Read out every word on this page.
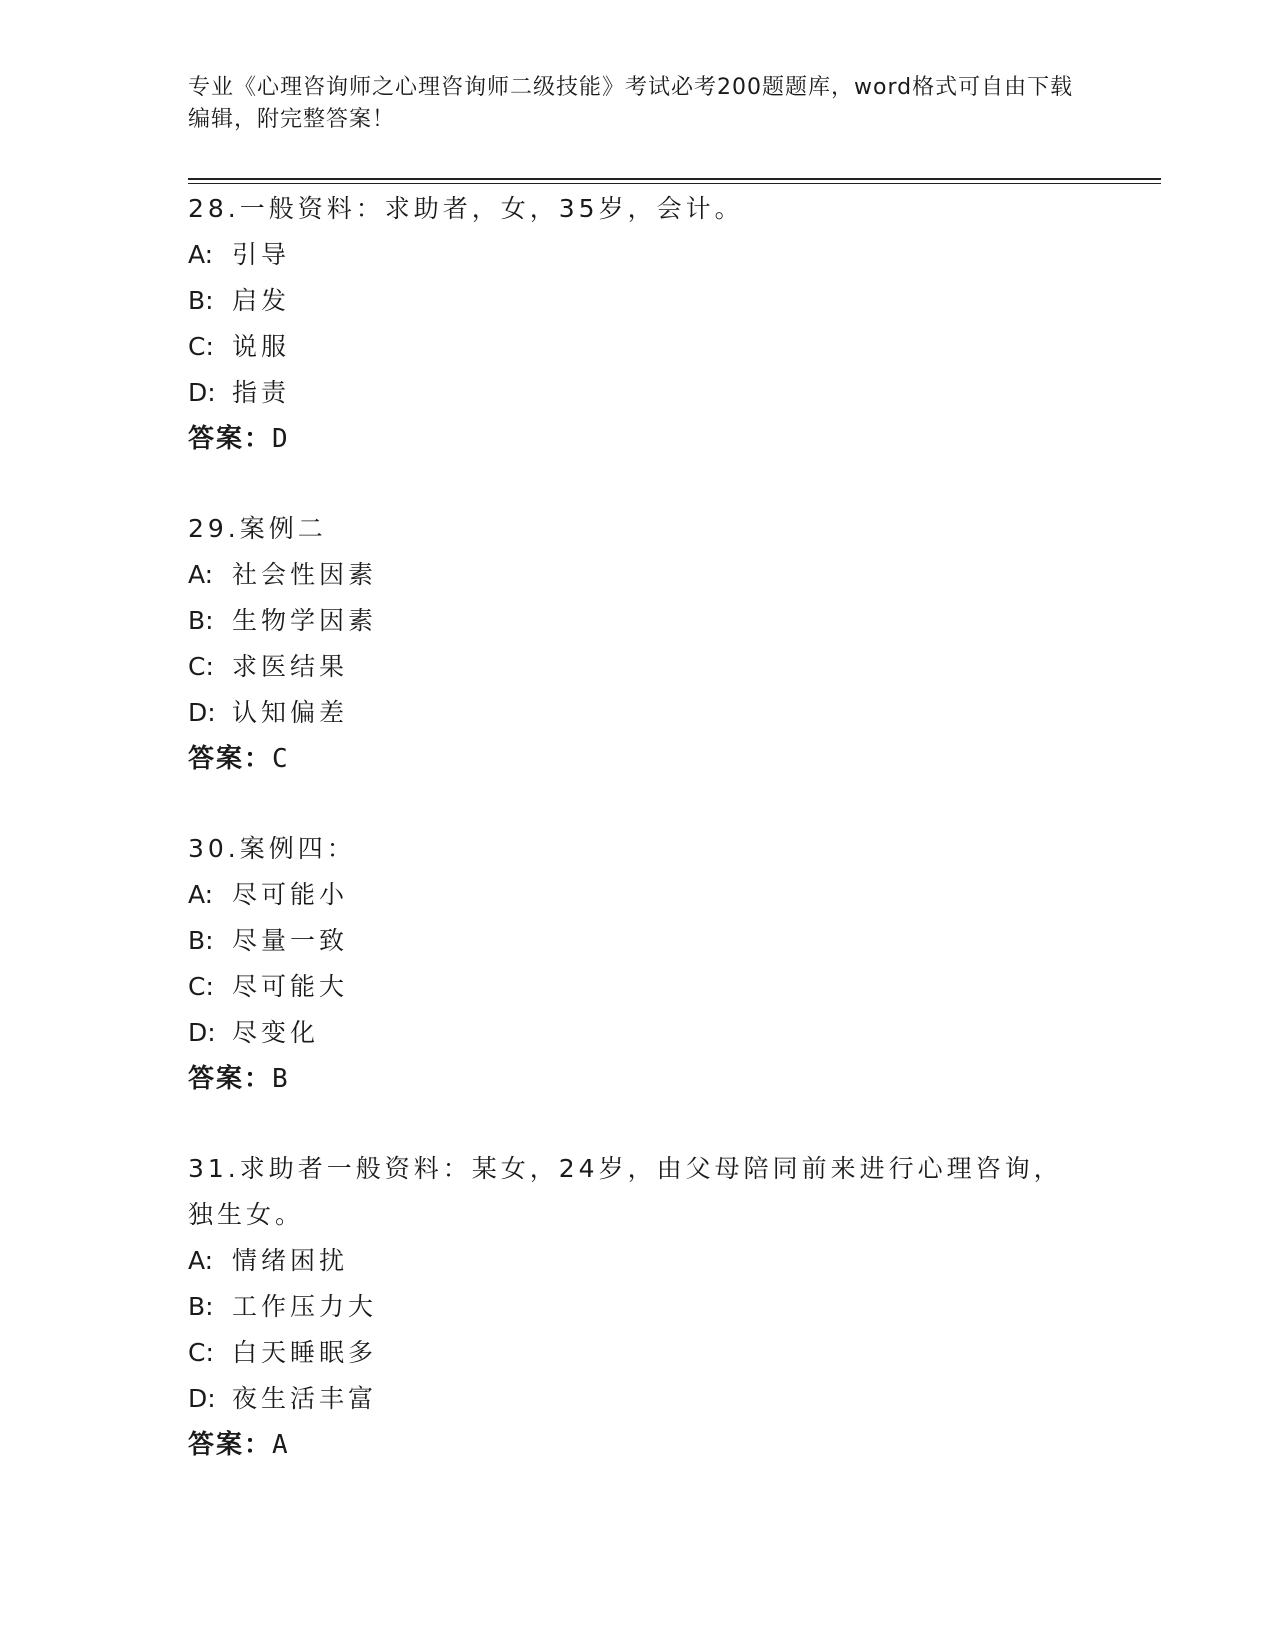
专业《心理咨询师之心理咨询师二级技能》考试必考200题题库，word格式可自由下载编辑，附完整答案！
28.一般资料：求助者，女，35岁，会计。
A: 引导
B: 启发
C: 说服
D: 指责
答案：D
29.案例二
A: 社会性因素
B: 生物学因素
C: 求医结果
D: 认知偏差
答案：C
30.案例四：
A: 尽可能小
B: 尽量一致
C: 尽可能大
D: 尽变化
答案：B
31.求助者一般资料：某女，24岁，由父母陪同前来进行心理咨询，独生女。
A: 情绪困扰
B: 工作压力大
C: 白天睡眠多
D: 夜生活丰富
答案：A
